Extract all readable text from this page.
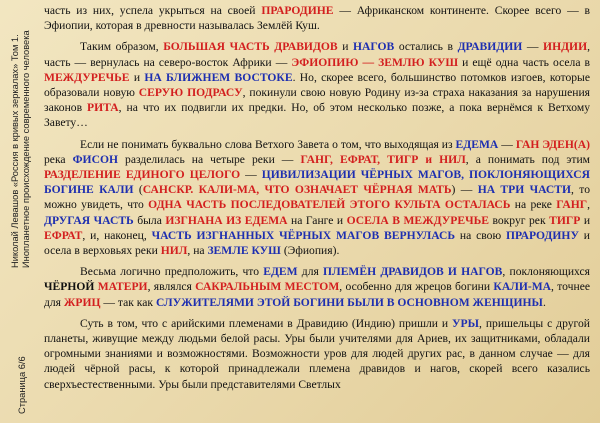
Страница 6/6
Николай Левашов «Россия в кривых зеркалах» Том 1. Инопланетное происхождение современного человека

часть из них, успела укрыться на своей ПРАРОДИНЕ — Африканском континенте. Скорее всего — в Эфиопии, которая в древности называлась Землёй Куш.

Таким образом, БОЛЬШАЯ ЧАСТЬ ДРАВИДОВ и НАГОВ остались в ДРАВИДИИ — ИНДИИ, часть — вернулась на северо-восток Африки — ЭФИОПИЮ — ЗЕМЛЮ КУШ и ещё одна часть осела в МЕЖДУРЕЧЬЕ и НА БЛИЖНЕМ ВОСТОКЕ. Но, скорее всего, большинство потомков изгоев, которые образовали новую СЕРУЮ ПОДРАСУ, покинули свою новую Родину из-за страха наказания за нарушения законов РИТА, на что их подвигли их предки. Но, об этом несколько позже, а пока вернёмся к Ветхому Завету…

Если не понимать буквально слова Ветхого Завета о том, что выходящая из ЕДЕМА — ГАН ЭДЕН(А) река ФИСОН разделилась на четыре реки — ГАНГ, ЕФРАТ, ТИГР и НИЛ, а понимать под этим РАЗДЕЛЕНИЕ ЕДИНОГО ЦЕЛОГО — ЦИВИЛИЗАЦИИ ЧЁРНЫХ МАГОВ, ПОКЛОНЯЮЩИХСЯ БОГИНЕ КАЛИ (САНСКР. КАЛИ-МА, ЧТО ОЗНАЧАЕТ ЧЁРНАЯ МАТЬ) — НА ТРИ ЧАСТИ, то можно увидеть, что ОДНА ЧАСТЬ ПОСЛЕДОВАТЕЛЕЙ ЭТОГО КУЛЬТА ОСТАЛАСЬ на реке ГАНГ, ДРУГАЯ ЧАСТЬ была ИЗГНАНА ИЗ ЕДЕМА на Ганге и ОСЕЛА В МЕЖДУРЕЧЬЕ вокруг рек ТИГР и ЕФРАТ, и, наконец, ЧАСТЬ ИЗГНАННЫХ ЧЁРНЫХ МАГОВ ВЕРНУЛАСЬ на свою ПРАРОДИНУ и осела в верховьях реки НИЛ, на ЗЕМЛЕ КУШ (Эфиопия).

Весьма логично предположить, что ЕДЕМ для ПЛЕМЁН ДРАВИДОВ И НАГОВ, поклоняющихся ЧЁРНОЙ МАТЕРИ, являлся САКРАЛЬНЫМ МЕСТОМ, особенно для жрецов богини КАЛИ-МА, точнее для ЖРИЦ — так как СЛУЖИТЕЛЯМИ ЭТОЙ БОГИНИ БЫЛИ В ОСНОВНОМ ЖЕНЩИНЫ.

Суть в том, что с арийскими племенами в Дравидию (Индию) пришли и УРЫ, пришельцы с другой планеты, живущие между людьми белой расы. Уры были учителями для Ариев, их защитниками, обладали огромными знаниями и возможностями. Возможности уров для людей других рас, в данном случае — для людей чёрной расы, к которой принадлежали племена дравидов и нагов, скорей всего казались сверхъестественными. Уры были представителями Светлых
